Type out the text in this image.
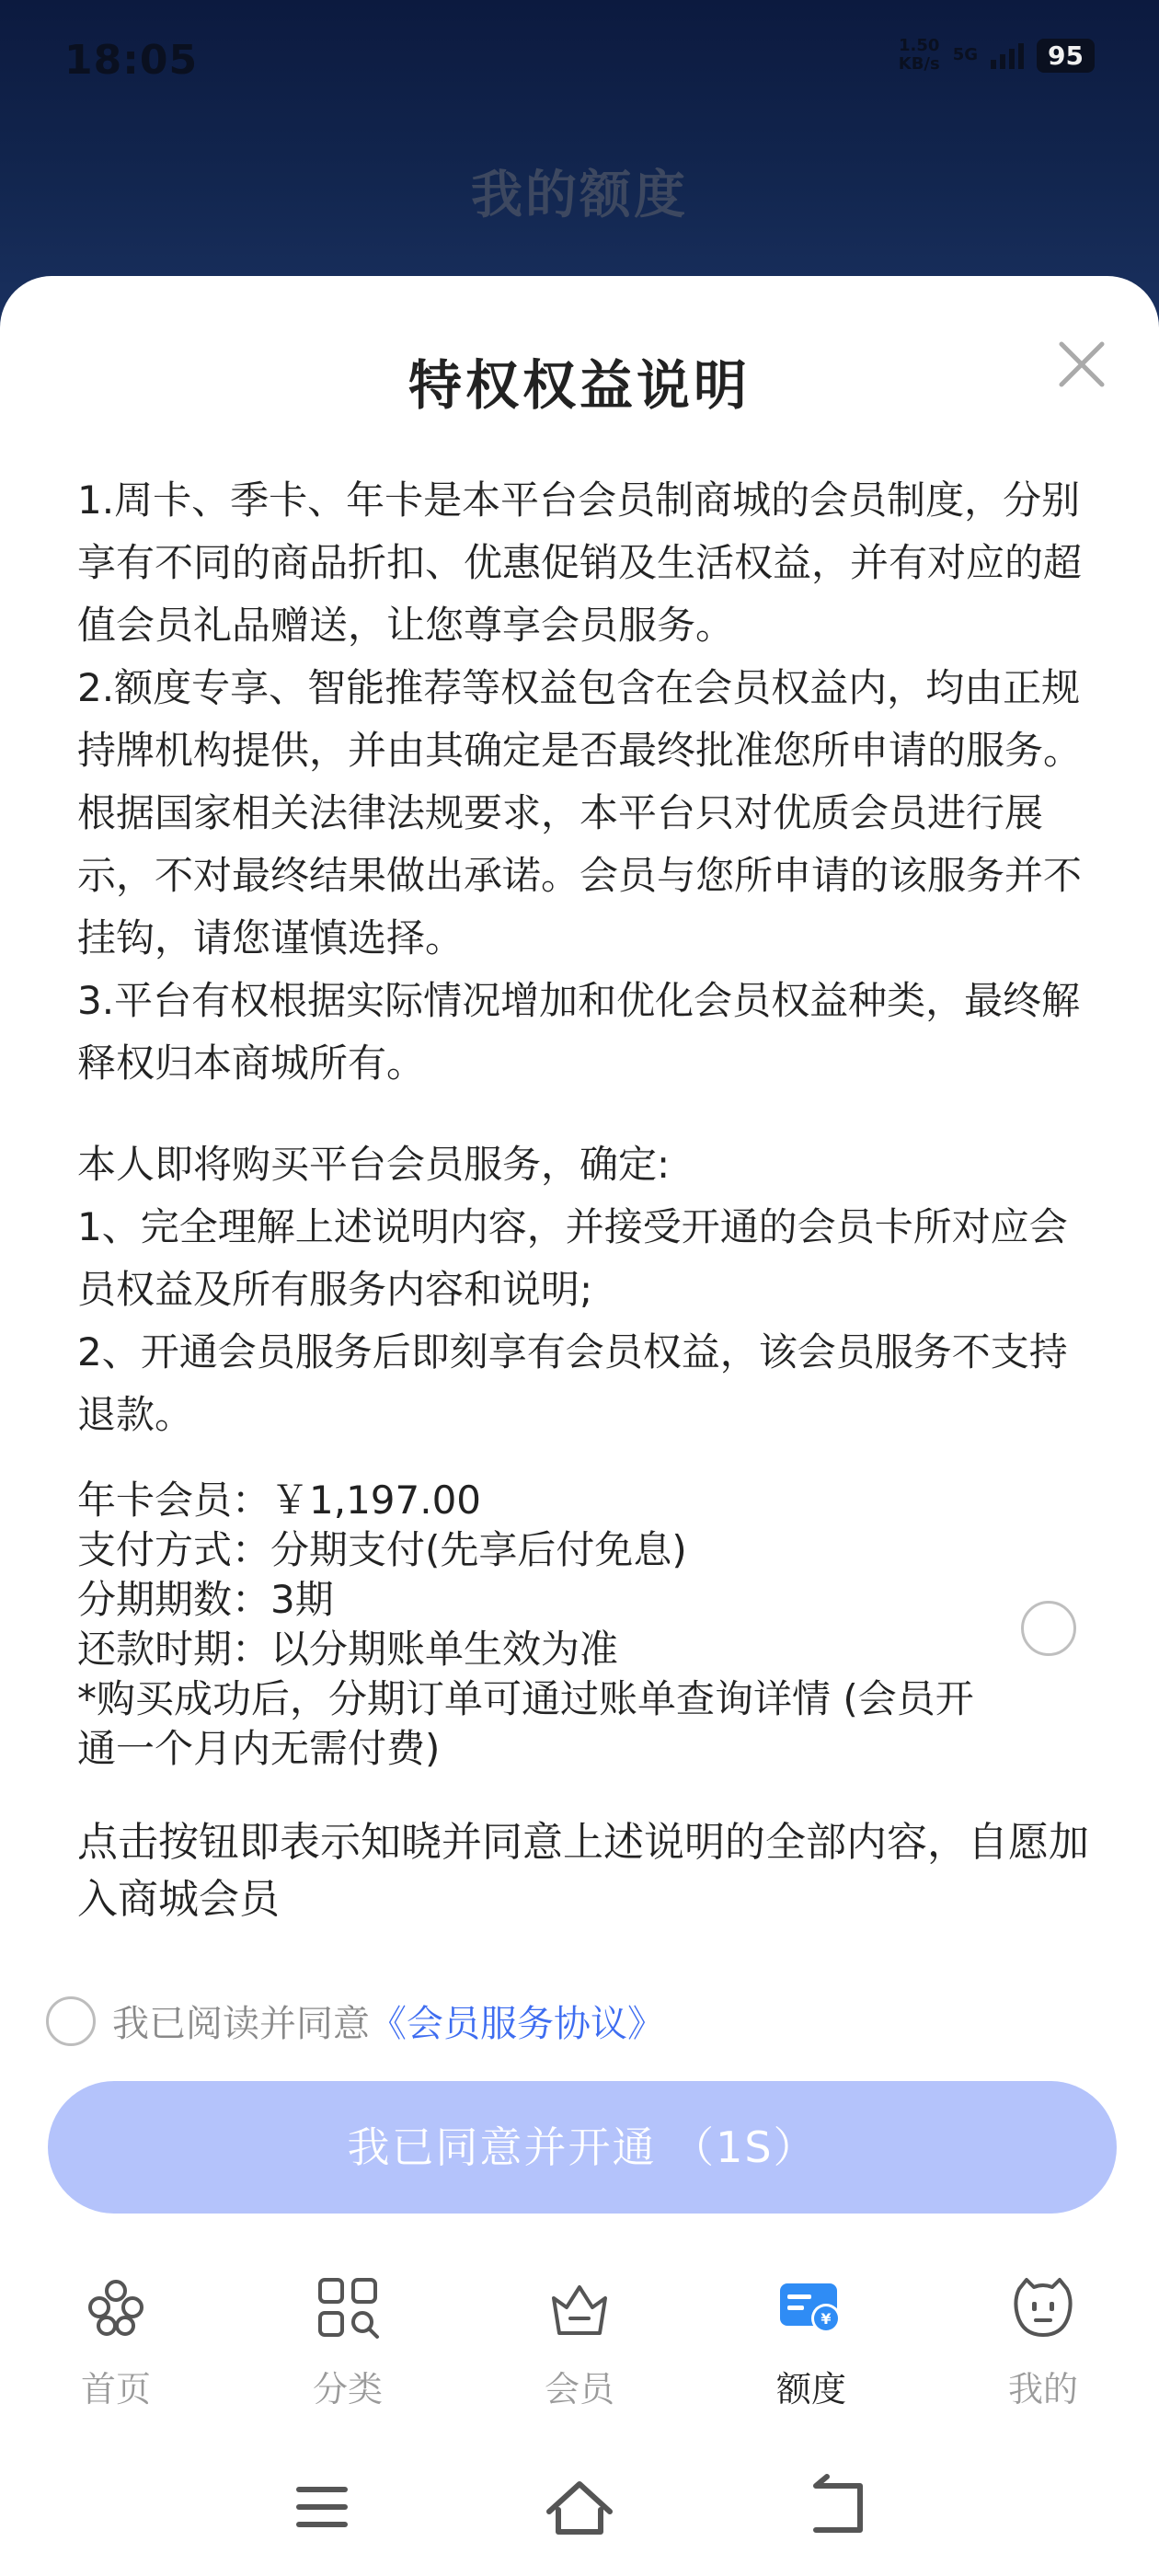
18:05	1.50
KB/s 5G	95
我的额度
特权权益说明

1.周卡、季卡、年卡是本平台会员制商城的会员制度，分别享有不同的商品折扣、优惠促销及生活权益，并有对应的超值会员礼品赠送，让您尊享会员服务。

2.额度专享、智能推荐等权益包含在会员权益内，均由正规持牌机构提供，并由其确定是否最终批准您所申请的服务。根据国家相关法律法规要求，本平台只对优质会员进行展示，不对最终结果做出承诺。会员与您所申请的该服务并不挂钩，请您谨慎选择。

3.平台有权根据实际情况增加和优化会员权益种类，最终解释权归本商城所有。

本人即将购买平台会员服务，确定:

1、完全理解上述说明内容，并接受开通的会员卡所对应会员权益及所有服务内容和说明;

2、开通会员服务后即刻享有会员权益，该会员服务不支持退款。

年卡会员：￥1,197.00

支付方式：分期支付(先享后付免息)

分期期数：3期

还款时期：以分期账单生效为准

*购买成功后，分期订单可通过账单查询详情 (会员开通一个月内无需付费)

点击按钮即表示知晓并同意上述说明的全部内容，自愿加入商城会员
我已阅读并同意 《会员服务协议》
我已同意并开通 （1S）
首页	分类	会员
¥
额度	我的
